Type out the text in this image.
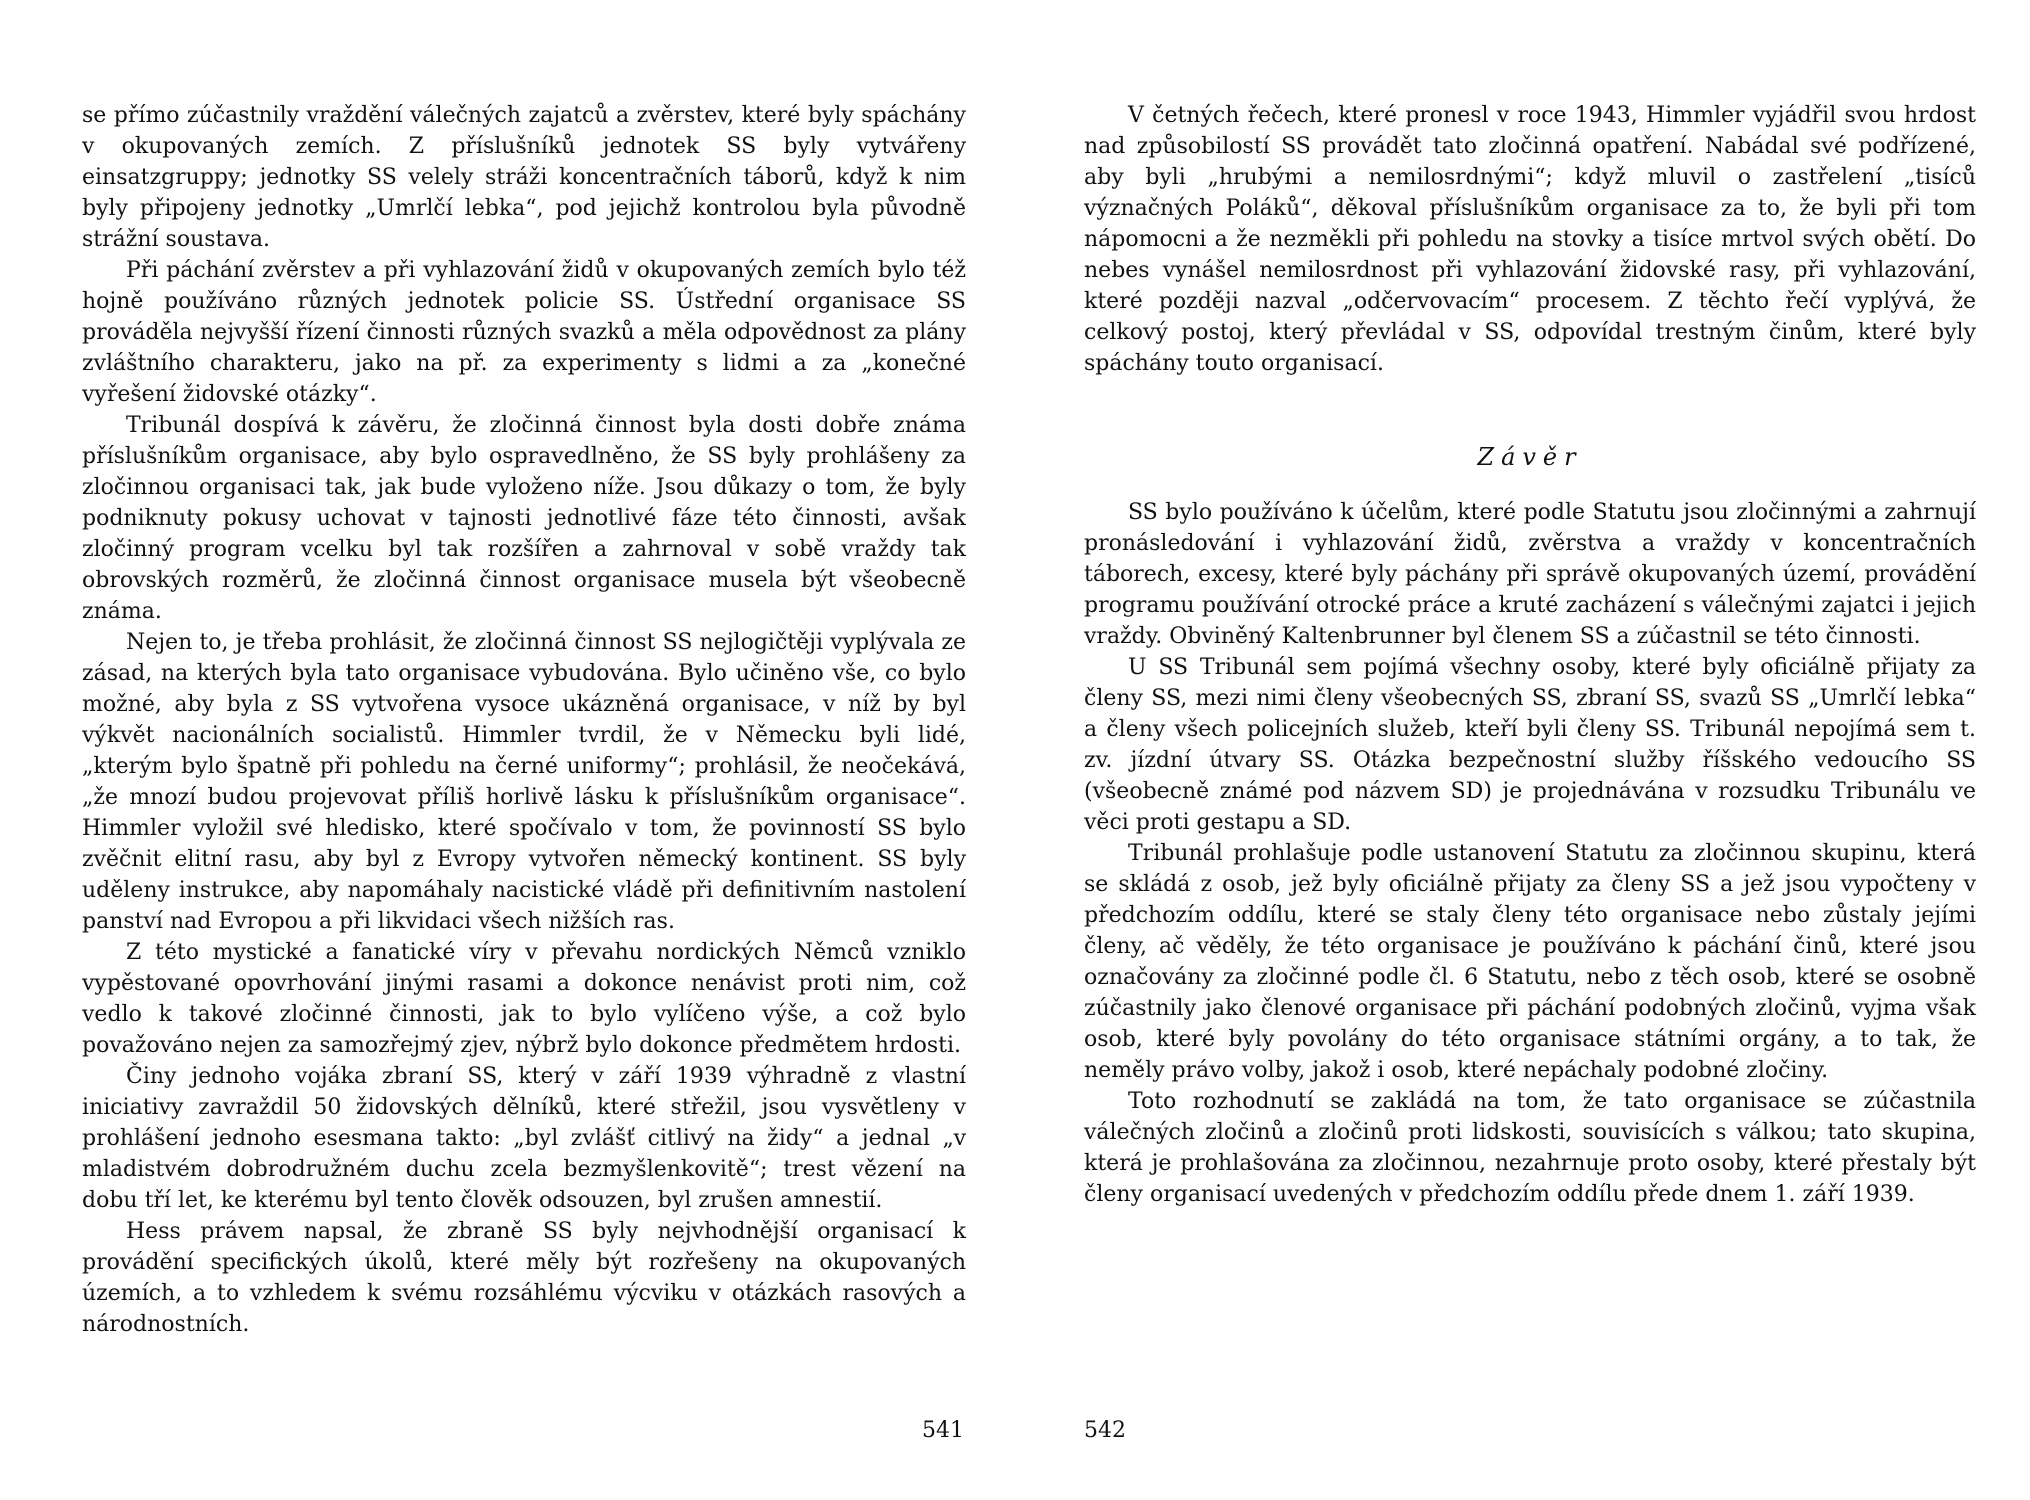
se přímo zúčastnily vraždění válečných zajatců a zvěrstev, které byly spáchány v okupovaných zemích. Z příslušníků jednotek SS byly vytvářeny einsatzgruppy; jednotky SS velely stráži koncentračních táborů, když k nim byly připojeny jednotky „Umrlčí lebka“, pod jejichž kontrolou byla původně strážní soustava.

Při páchání zvěrstev a při vyhlazování židů v okupovaných zemích bylo též hojně používáno různých jednotek policie SS. Ústřední organisace SS prováděla nejvyšší řízení činnosti různých svazků a měla odpovědnost za plány zvláštního charakteru, jako na př. za experimenty s lidmi a za „konečné vyřešení židovské otázky“.

Tribunál dospívá k závěru, že zločinná činnost byla dosti dobře známa příslušníkům organisace, aby bylo ospravedlněno, že SS byly prohlášeny za zločinnou organisaci tak, jak bude vyloženo níže. Jsou důkazy o tom, že byly podniknuty pokusy uchovat v tajnosti jednotlivé fáze této činnosti, avšak zločinný program vcelku byl tak rozšířen a zahrnoval v sobě vraždy tak obrovských rozměrů, že zločinná činnost organisace musela být všeobecně známa.

Nejen to, je třeba prohlásit, že zločinná činnost SS nejlogičtěji vyplývala ze zásad, na kterých byla tato organisace vybudována. Bylo učiněno vše, co bylo možné, aby byla z SS vytvořena vysoce ukázněná organisace, v níž by byl výkvět nacionálních socialistů. Himmler tvrdil, že v Německu byli lidé, „kterým bylo špatně při pohledu na černé uniformy“; prohlásil, že neočekává, „že mnozí budou projevovat příliš horlivě lásku k příslušníkům organisace“. Himmler vyložil své hledisko, které spočívalo v tom, že povinností SS bylo zvěčnit elitní rasu, aby byl z Evropy vytvořen německý kontinent. SS byly uděleny instrukce, aby napomáhaly nacistické vládě při definitivním nastolení panství nad Evropou a při likvidaci všech nižších ras.

Z této mystické a fanatické víry v převahu nordických Němců vzniklo vypěstované opovrhování jinými rasami a dokonce nenávist proti nim, což vedlo k takové zločinné činnosti, jak to bylo vylíčeno výše, a což bylo považováno nejen za samozřejmý zjev, nýbrž bylo dokonce předmětem hrdosti.

Činy jednoho vojáka zbraní SS, který v září 1939 výhradně z vlastní iniciativy zavraždil 50 židovských dělníků, které střežil, jsou vysvětleny v prohlášení jednoho esesmana takto: „byl zvlášť citlivý na židy“ a jednal „v mladistvém dobrodružném duchu zcela bezmyšlenkovitě“; trest vězení na dobu tří let, ke kterému byl tento člověk odsouzen, byl zrušen amnestií.

Hess právem napsal, že zbraně SS byly nejvhodnější organisací k provádění specifických úkolů, které měly být rozřešeny na okupovaných územích, a to vzhledem k svému rozsáhlému výcviku v otázkách rasových a národnostních.

541

V četných řečech, které pronesl v roce 1943, Himmler vyjádřil svou hrdost nad způsobilostí SS provádět tato zločinná opatření. Nabádal své podřízené, aby byli „hrubými a nemilosrdnými“; když mluvil o zastřelení „tisíců význačných Poláků“, děkoval příslušníkům organisace za to, že byli při tom nápomocni a že nezměkli při pohledu na stovky a tisíce mrtvol svých obětí. Do nebes vynášel nemilosrdnost při vyhlazování židovské rasy, při vyhlazování, které později nazval „odčervovacím“ procesem. Z těchto řečí vyplývá, že celkový postoj, který převládal v SS, odpovídal trestným činům, které byly spáchány touto organisací.

Závěr

SS bylo používáno k účelům, které podle Statutu jsou zločinnými a zahrnují pronásledování i vyhlazování židů, zvěrstva a vraždy v koncentračních táborech, excesy, které byly páchány při správě okupovaných území, provádění programu používání otrocké práce a kruté zacházení s válečnými zajatci i jejich vraždy. Obviněný Kaltenbrunner byl členem SS a zúčastnil se této činnosti.

U SS Tribunál sem pojímá všechny osoby, které byly oficiálně přijaty za členy SS, mezi nimi členy všeobecných SS, zbraní SS, svazů SS „Umrlčí lebka“ a členy všech policejních služeb, kteří byli členy SS. Tribunál nepojímá sem t. zv. jízdní útvary SS. Otázka bezpečnostní služby říšského vedoucího SS (všeobecně známé pod názvem SD) je projednávána v rozsudku Tribunálu ve věci proti gestapu a SD.

Tribunál prohlašuje podle ustanovení Statutu za zločinnou skupinu, která se skládá z osob, jež byly oficiálně přijaty za členy SS a jež jsou vypočteny v předchozím oddílu, které se staly členy této organisace nebo zůstaly jejími členy, ač věděly, že této organisace je používáno k páchání činů, které jsou označovány za zločinné podle čl. 6 Statutu, nebo z těch osob, které se osobně zúčastnily jako členové organisace při páchání podobných zločinů, vyjma však osob, které byly povolány do této organisace státními orgány, a to tak, že neměly právo volby, jakož i osob, které nepáchaly podobné zločiny.

Toto rozhodnutí se zakládá na tom, že tato organisace se zúčastnila válečných zločinů a zločinů proti lidskosti, souvisících s válkou; tato skupina, která je prohlašována za zločinnou, nezahrnuje proto osoby, které přestaly být členy organisací uvedených v předchozím oddílu přede dnem 1. září 1939.

542
